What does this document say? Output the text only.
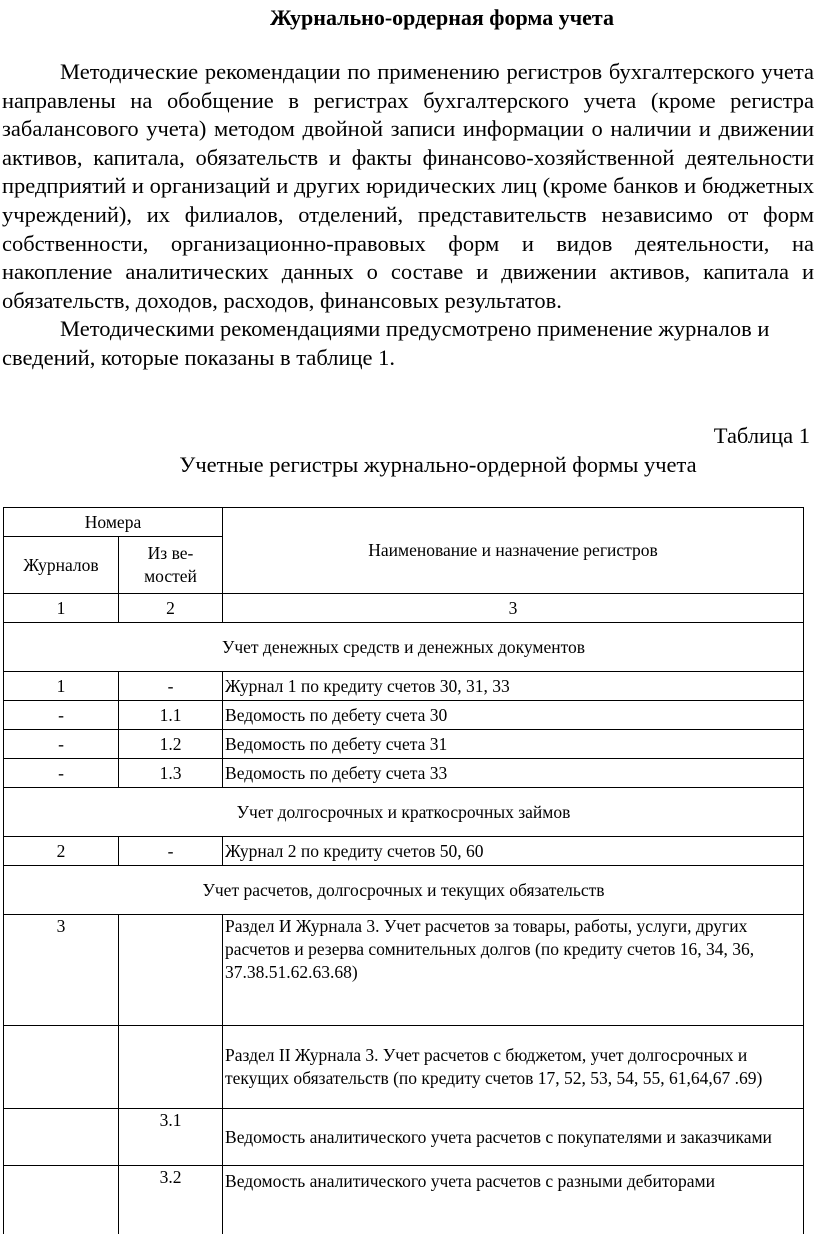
Журнально-ордерная форма учета

Методические рекомендации по применению регистров бухгалтерского учета направлены на обобщение в регистрах бухгалтерского учета (кроме регистра забалансового учета) методом двойной записи информации о наличии и движении активов, капитала, обязательств и факты финансово-хозяйственной деятельности предприятий и организаций и других юридических лиц (кроме банков и бюджетных учреждений), их филиалов, отделений, представительств независимо от форм собственности, организационно-правовых форм и видов деятельности, на накопление аналитических данных о составе и движении активов, капитала и обязательств, доходов, расходов, финансовых результатов.

Методическими рекомендациями предусмотрено применение журналов и сведений, которые показаны в таблице 1.

Таблица 1
Учетные регистры журнально-ордерной формы учета
Номера		Наименование и назначение регистров
Журналов	Из ве-
мостей	
1	2	3
Учет денежных средств и денежных документов		
1	-	Журнал 1 по кредиту счетов 30, 31, 33
-	1.1	Ведомость по дебету счета 30
-	1.2	Ведомость по дебету счета 31
-	1.3	Ведомость по дебету счета 33
Учет долгосрочных и краткосрочных займов		
2	-	Журнал 2 по кредиту счетов 50, 60
Учет расчетов, долгосрочных и текущих обязательств		
3		Раздел И Журнала 3. Учет расчетов за товары, работы, услуги, других расчетов и резерва сомнительных долгов (по кредиту счетов 16, 34, 36, 37.38.51.62.63.68)
		Раздел II Журнала 3. Учет расчетов с бюджетом, учет долгосрочных и текущих обязательств (по кредиту счетов 17, 52, 53, 54, 55, 61,64,67 .69)
	3.1	Ведомость аналитического учета расчетов с покупателями и заказчиками
	3.2	Ведомость аналитического учета расчетов с разными дебиторами
